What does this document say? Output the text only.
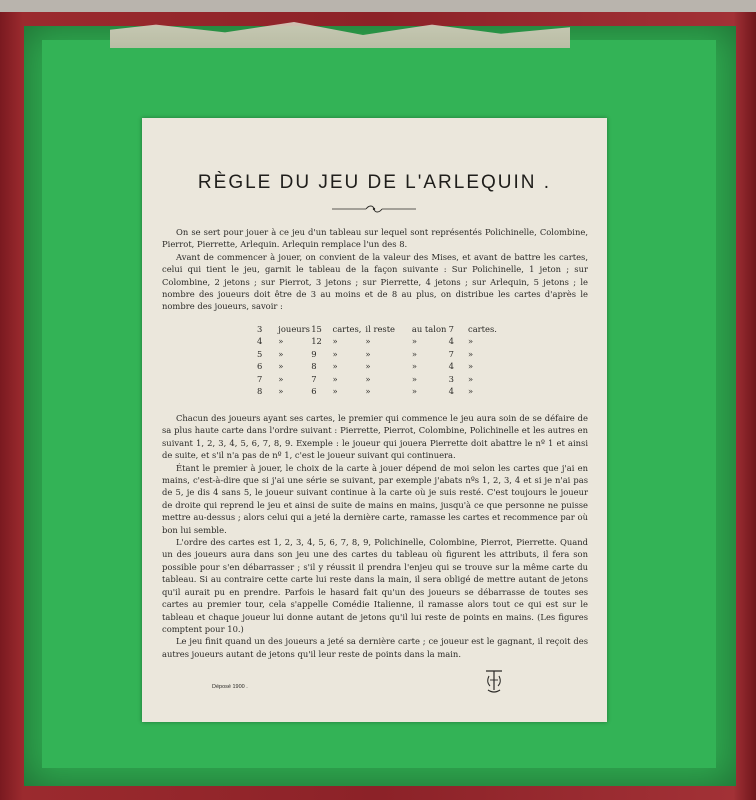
RÈGLE DU JEU DE L'ARLEQUIN .

On se sert pour jouer à ce jeu d'un tableau sur lequel sont représentés Polichinelle, Colombine, Pierrot, Pierrette, Arlequin. Arlequin remplace l'un des 8.

Avant de commencer à jouer, on convient de la valeur des Mises, et avant de battre les cartes, celui qui tient le jeu, garnit le tableau de la façon suivante : Sur Polichinelle, 1 jeton ; sur Colombine, 2 jetons ; sur Pierrot, 3 jetons ; sur Pierrette, 4 jetons ; sur Arlequin, 5 jetons ; le nombre des joueurs doit être de 3 au moins et de 8 au plus, on distribue les cartes d'après le nombre des joueurs, savoir :

3	joueurs 15	cartes, il reste	au talon 7	cartes.
4	»	12	»	»	»	4	»
5	»	9	»	»	»	7	»
6	»	8	»	»	»	4	»
7	»	7	»	»	»	3	»
8	»	6	»	»	»	4	»

Chacun des joueurs ayant ses cartes, le premier qui commence le jeu aura soin de se défaire de sa plus haute carte dans l'ordre suivant : Pierrette, Pierrot, Colombine, Polichinelle et les autres en suivant 1, 2, 3, 4, 5, 6, 7, 8, 9. Exemple : le joueur qui jouera Pierrette doit abattre le nº 1 et ainsi de suite, et s'il n'a pas de nº 1, c'est le joueur suivant qui continuera.

Étant le premier à jouer, le choix de la carte à jouer dépend de moi selon les cartes que j'ai en mains, c'est-à-dire que si j'ai une série se suivant, par exemple j'abats nºs 1, 2, 3, 4 et si je n'ai pas de 5, je dis 4 sans 5, le joueur suivant continue à la carte où je suis resté. C'est toujours le joueur de droite qui reprend le jeu et ainsi de suite de mains en mains, jusqu'à ce que personne ne puisse mettre au-dessus ; alors celui qui a jeté la dernière carte, ramasse les cartes et recommence par où bon lui semble.

L'ordre des cartes est 1, 2, 3, 4, 5, 6, 7, 8, 9, Polichinelle, Colombine, Pierrot, Pierrette. Quand un des joueurs aura dans son jeu une des cartes du tableau où figurent les attributs, il fera son possible pour s'en débarrasser ; s'il y réussit il prendra l'enjeu qui se trouve sur la même carte du tableau. Si au contraire cette carte lui reste dans la main, il sera obligé de mettre autant de jetons qu'il aurait pu en prendre. Parfois le hasard fait qu'un des joueurs se débarrasse de toutes ses cartes au premier tour, cela s'appelle Comédie Italienne, il ramasse alors tout ce qui est sur le tableau et chaque joueur lui donne autant de jetons qu'il lui reste de points en mains. (Les figures comptent pour 10.)

Le jeu finit quand un des joueurs a jeté sa dernière carte ; ce joueur est le gagnant, il reçoit des autres joueurs autant de jetons qu'il leur reste de points dans la main.

Déposé 1900 .
